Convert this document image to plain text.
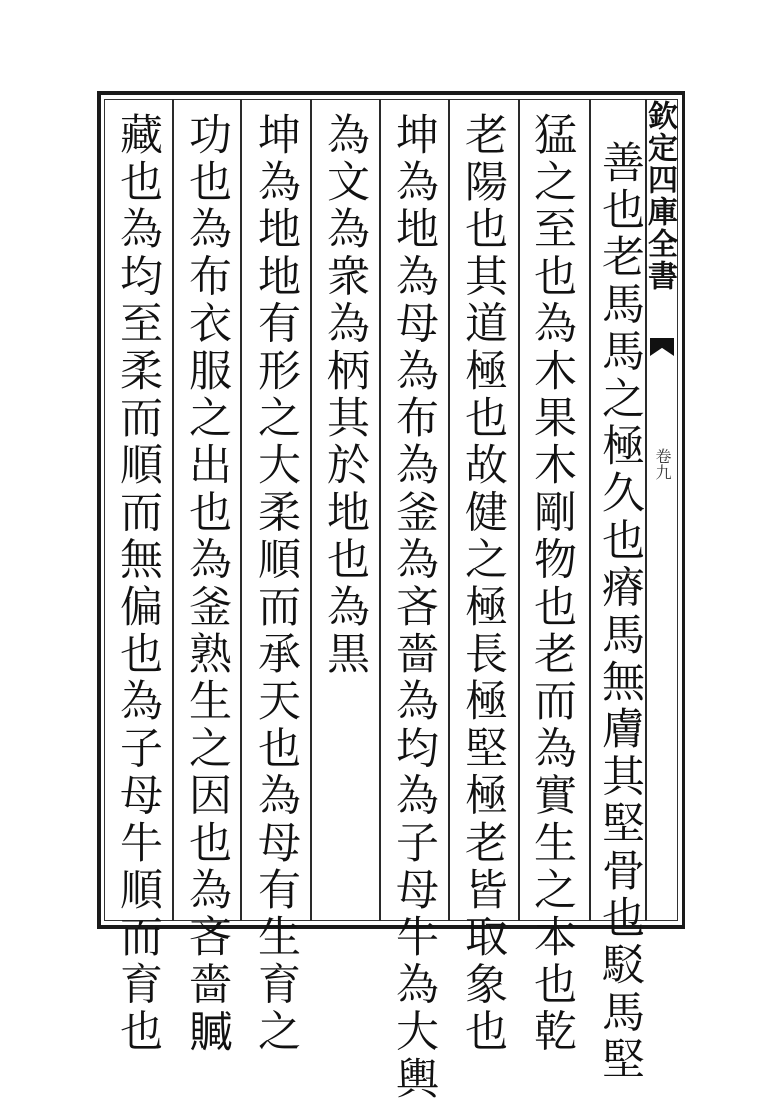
欽定四庫全書
卷九
善也老馬馬之極久也瘠馬無膚其堅骨也駁馬堅
猛之至也為木果木剛物也老而為實生之本也乾
老陽也其道極也故健之極長極堅極老皆取象也
坤為地為母為布為釜為吝嗇為均為子母牛為大輿
為文為衆為柄其於地也為黒
坤為地地有形之大柔順而承天也為母有生育之
功也為布衣服之出也為釜熟生之因也為吝嗇𧷢
藏也為均至柔而順而無偏也為子母牛順而育也
